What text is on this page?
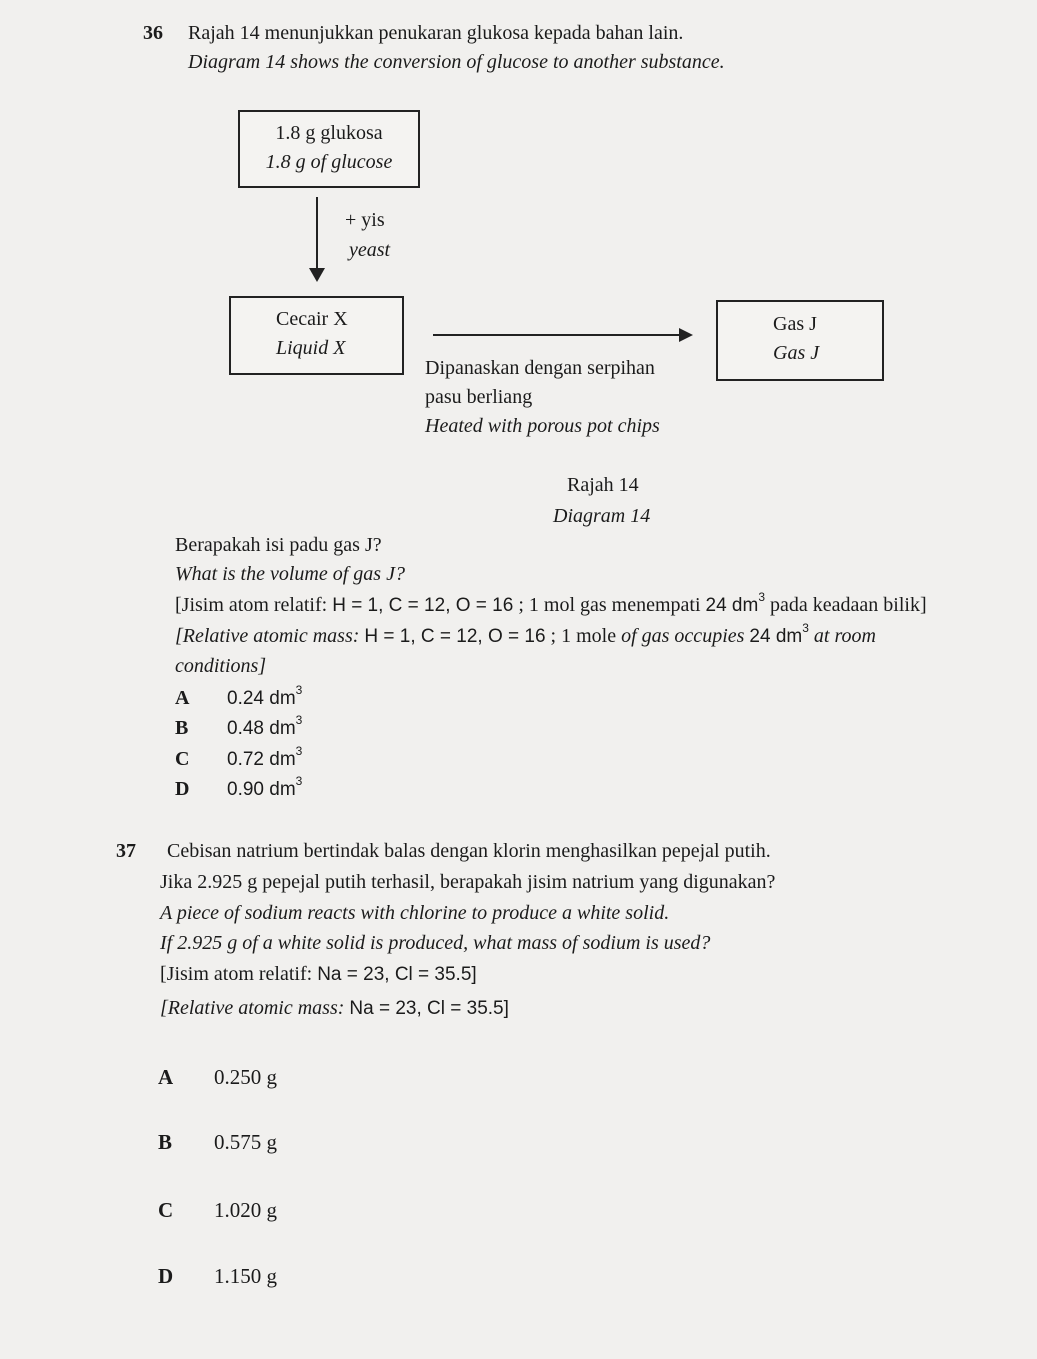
36 Rajah 14 menunjukkan penukaran glukosa kepada bahan lain.
Diagram 14 shows the conversion of glucose to another substance.
1.8 g glukosa
1.8 g of glucose
+ yis
yeast
Cecair X
Liquid X
Dipanaskan dengan serpihan
pasu berliang
Heated with porous pot chips
Gas J
Gas J
Rajah 14
Diagram 14
Berapakah isi padu gas J?
What is the volume of gas J?
[Jisim atom relatif: H = 1, C = 12, O = 16 ; 1 mol gas menempati 24 $dm^3$ pada keadaan bilik]
[Relative atomic mass: H = 1, C = 12, O = 16 ; 1 mole of gas occupies 24 $dm^3$ at room
conditions]
A 0.24 $dm^3$
B 0.48 $dm^3$
C 0.72 $dm^3$
D 0.90 $dm^3$
37 Cebisan natrium bertindak balas dengan klorin menghasilkan pepejal putih.
Jika 2.925 g pepejal putih terhasil, berapakah jisim natrium yang digunakan?
A piece of sodium reacts with chlorine to produce a white solid.
If 2.925 g of a white solid is produced, what mass of sodium is used?
[Jisim atom relatif: Na = 23, Cl = 35.5]
[Relative atomic mass: Na = 23, Cl = 35.5]
A 0.250 g
B 0.575 g
C 1.020 g
D 1.150 g
